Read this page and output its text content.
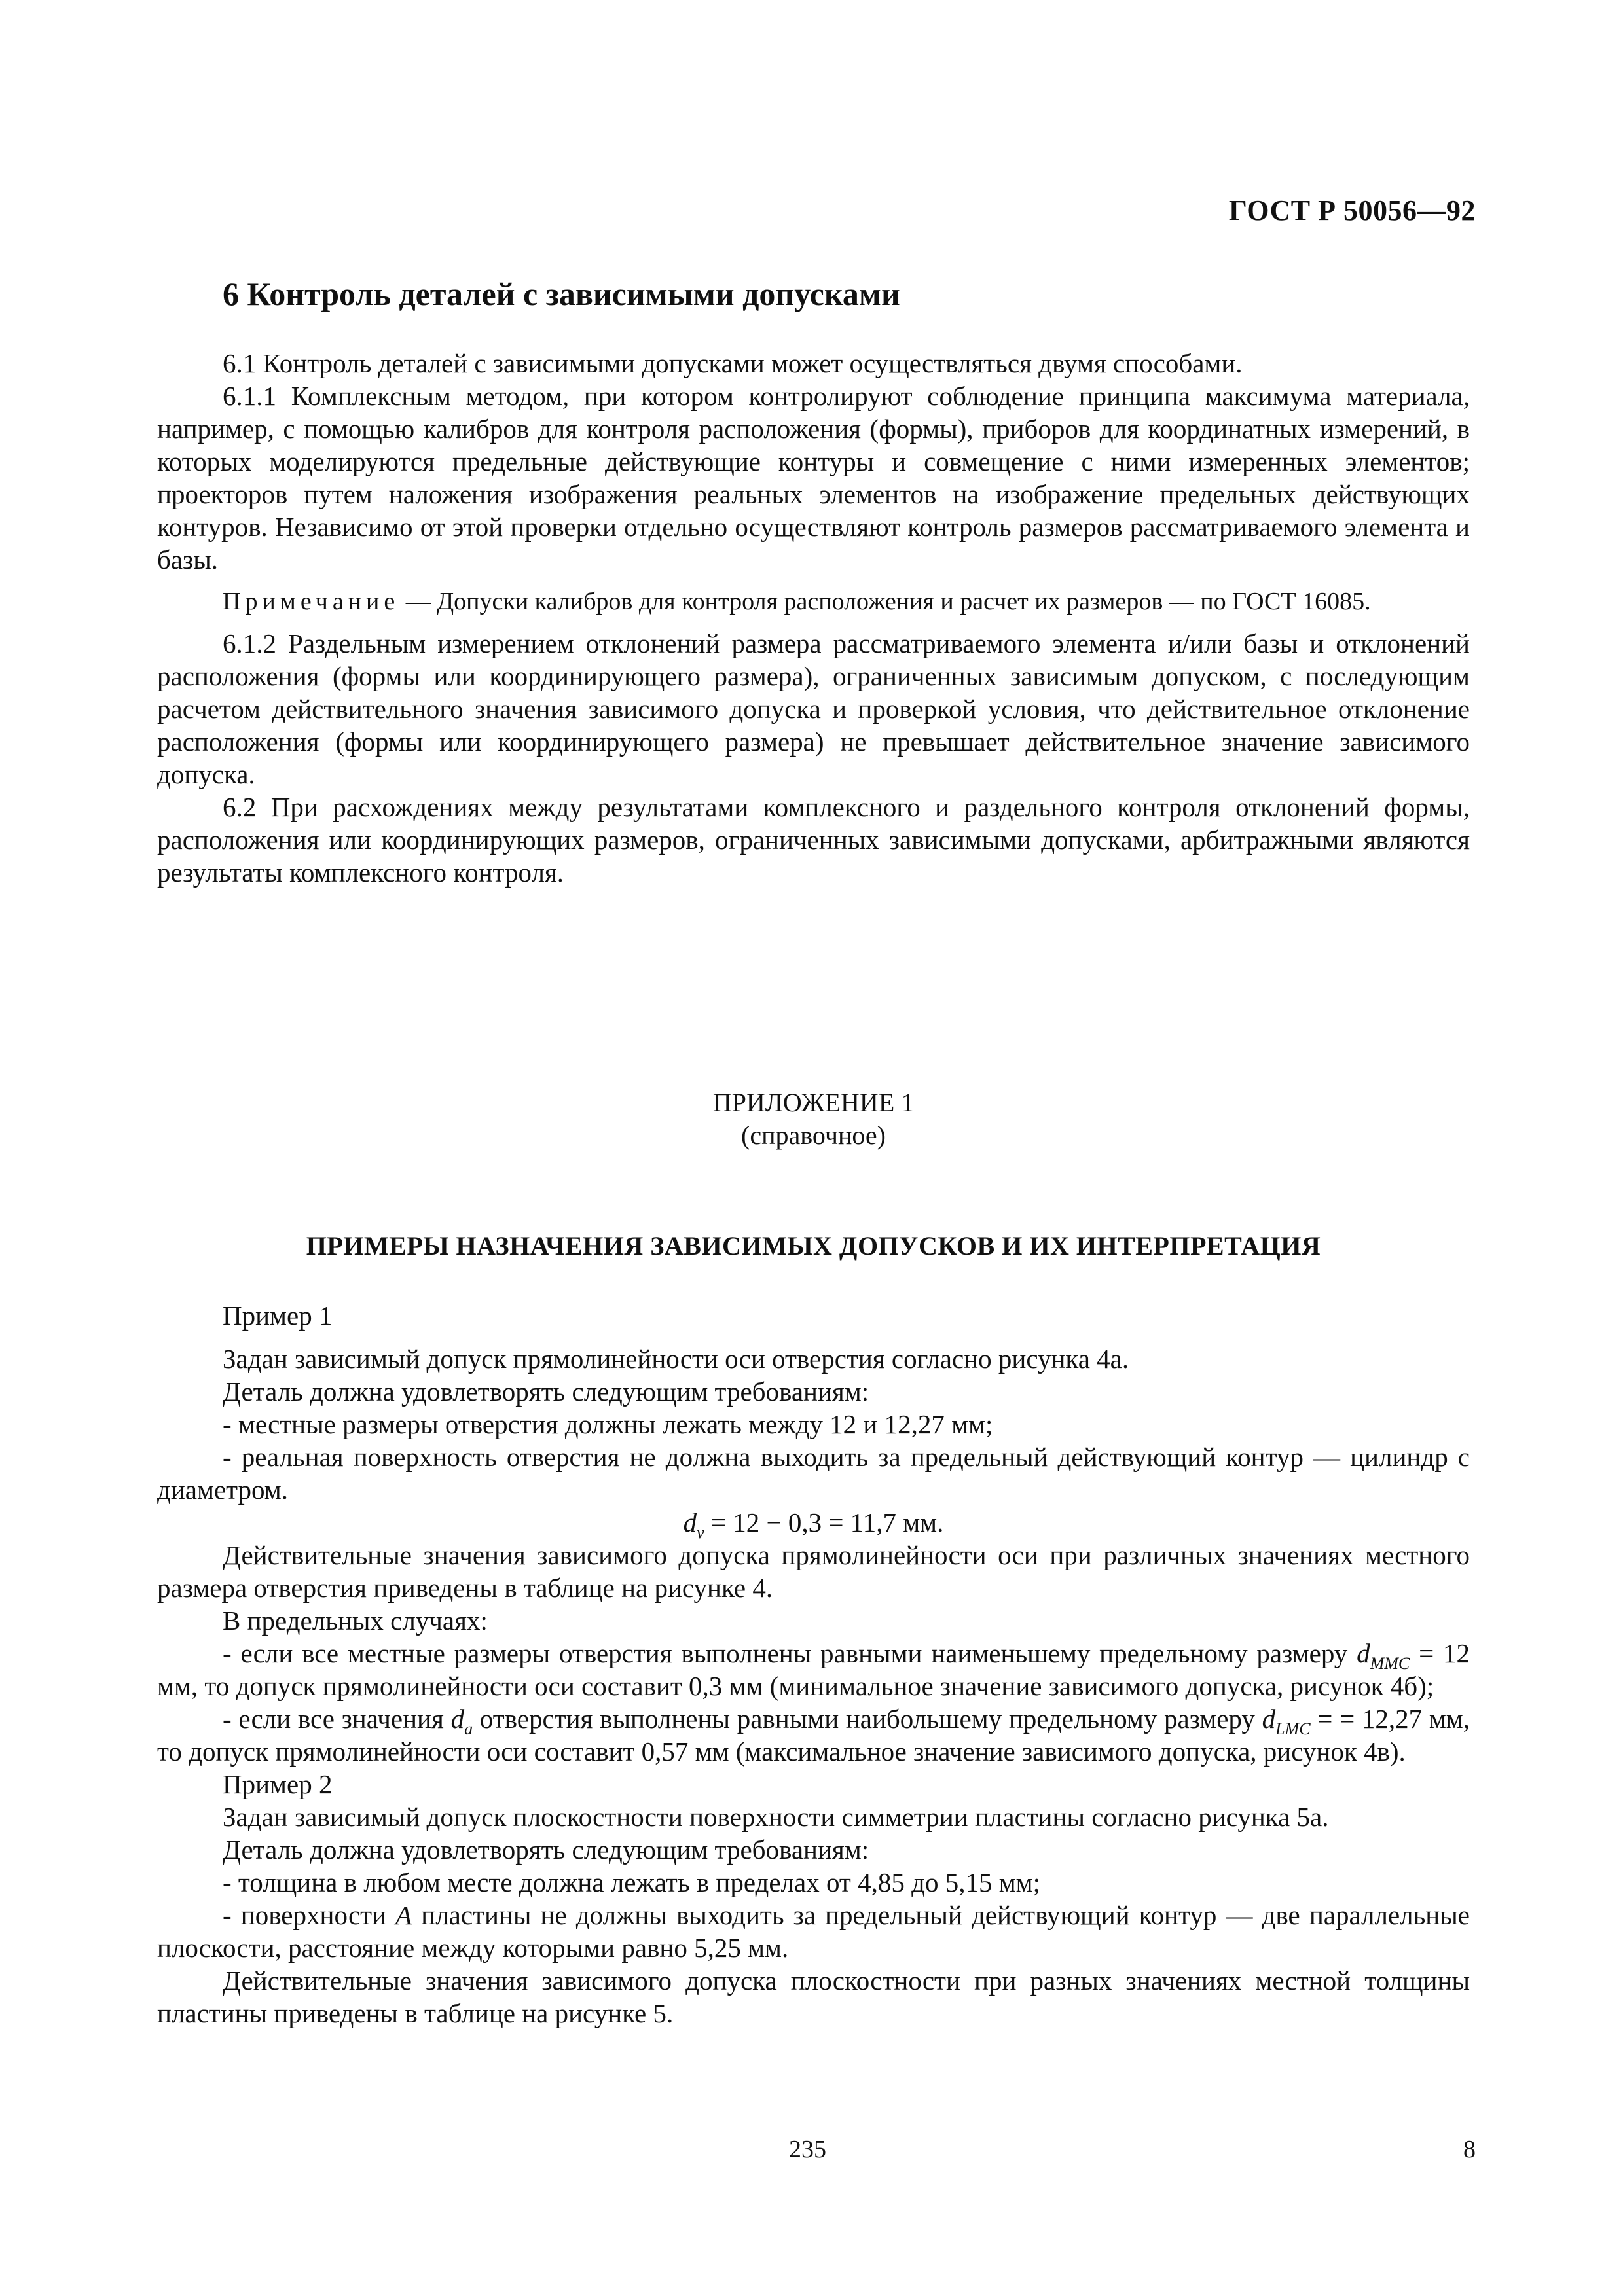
ГОСТ Р 50056—92
6 Контроль деталей с зависимыми допусками

6.1 Контроль деталей с зависимыми допусками может осуществляться двумя способами.

6.1.1 Комплексным методом, при котором контролируют соблюдение принципа максимума материала, например, с помощью калибров для контроля расположения (формы), приборов для координатных измерений, в которых моделируются предельные действующие контуры и совмещение с ними измеренных элементов; проекторов путем наложения изображения реальных элементов на изображение предельных действующих контуров. Независимо от этой проверки отдельно осуществляют контроль размеров рассматриваемого элемента и базы.

Примечание — Допуски калибров для контроля расположения и расчет их размеров — по ГОСТ 16085.

6.1.2 Раздельным измерением отклонений размера рассматриваемого элемента и/или базы и отклонений расположения (формы или координирующего размера), ограниченных зависимым допуском, с последующим расчетом действительного значения зависимого допуска и проверкой условия, что действительное отклонение расположения (формы или координирующего размера) не превышает действительное значение зависимого допуска.

6.2 При расхождениях между результатами комплексного и раздельного контроля отклонений формы, расположения или координирующих размеров, ограниченных зависимыми допусками, арбитражными являются результаты комплексного контроля.

ПРИЛОЖЕНИЕ 1
(справочное)
ПРИМЕРЫ НАЗНАЧЕНИЯ ЗАВИСИМЫХ ДОПУСКОВ И ИХ ИНТЕРПРЕТАЦИЯ

Пример 1

Задан зависимый допуск прямолинейности оси отверстия согласно рисунка 4а.

Деталь должна удовлетворять следующим требованиям:

- местные размеры отверстия должны лежать между 12 и 12,27 мм;

- реальная поверхность отверстия не должна выходить за предельный действующий контур — цилиндр с диаметром.

$d_v = 12 - 0,3 = 11,7$ мм.

Действительные значения зависимого допуска прямолинейности оси при различных значениях местного размера отверстия приведены в таблице на рисунке 4.

В предельных случаях:

- если все местные размеры отверстия выполнены равными наименьшему предельному размеру $d_{MMC} = 12$ мм, то допуск прямолинейности оси составит 0,3 мм (минимальное значение зависимого допуска, рисунок 4б);

- если все значения $d_a$ отверстия выполнены равными наибольшему предельному размеру $d_{LMC}$ = = 12,27 мм, то допуск прямолинейности оси составит 0,57 мм (максимальное значение зависимого допуска, рисунок 4в).

Пример 2

Задан зависимый допуск плоскостности поверхности симметрии пластины согласно рисунка 5а.

Деталь должна удовлетворять следующим требованиям:

- толщина в любом месте должна лежать в пределах от 4,85 до 5,15 мм;

- поверхности A пластины не должны выходить за предельный действующий контур — две параллельные плоскости, расстояние между которыми равно 5,25 мм.

Действительные значения зависимого допуска плоскостности при разных значениях местной толщины пластины приведены в таблице на рисунке 5.

235	8
